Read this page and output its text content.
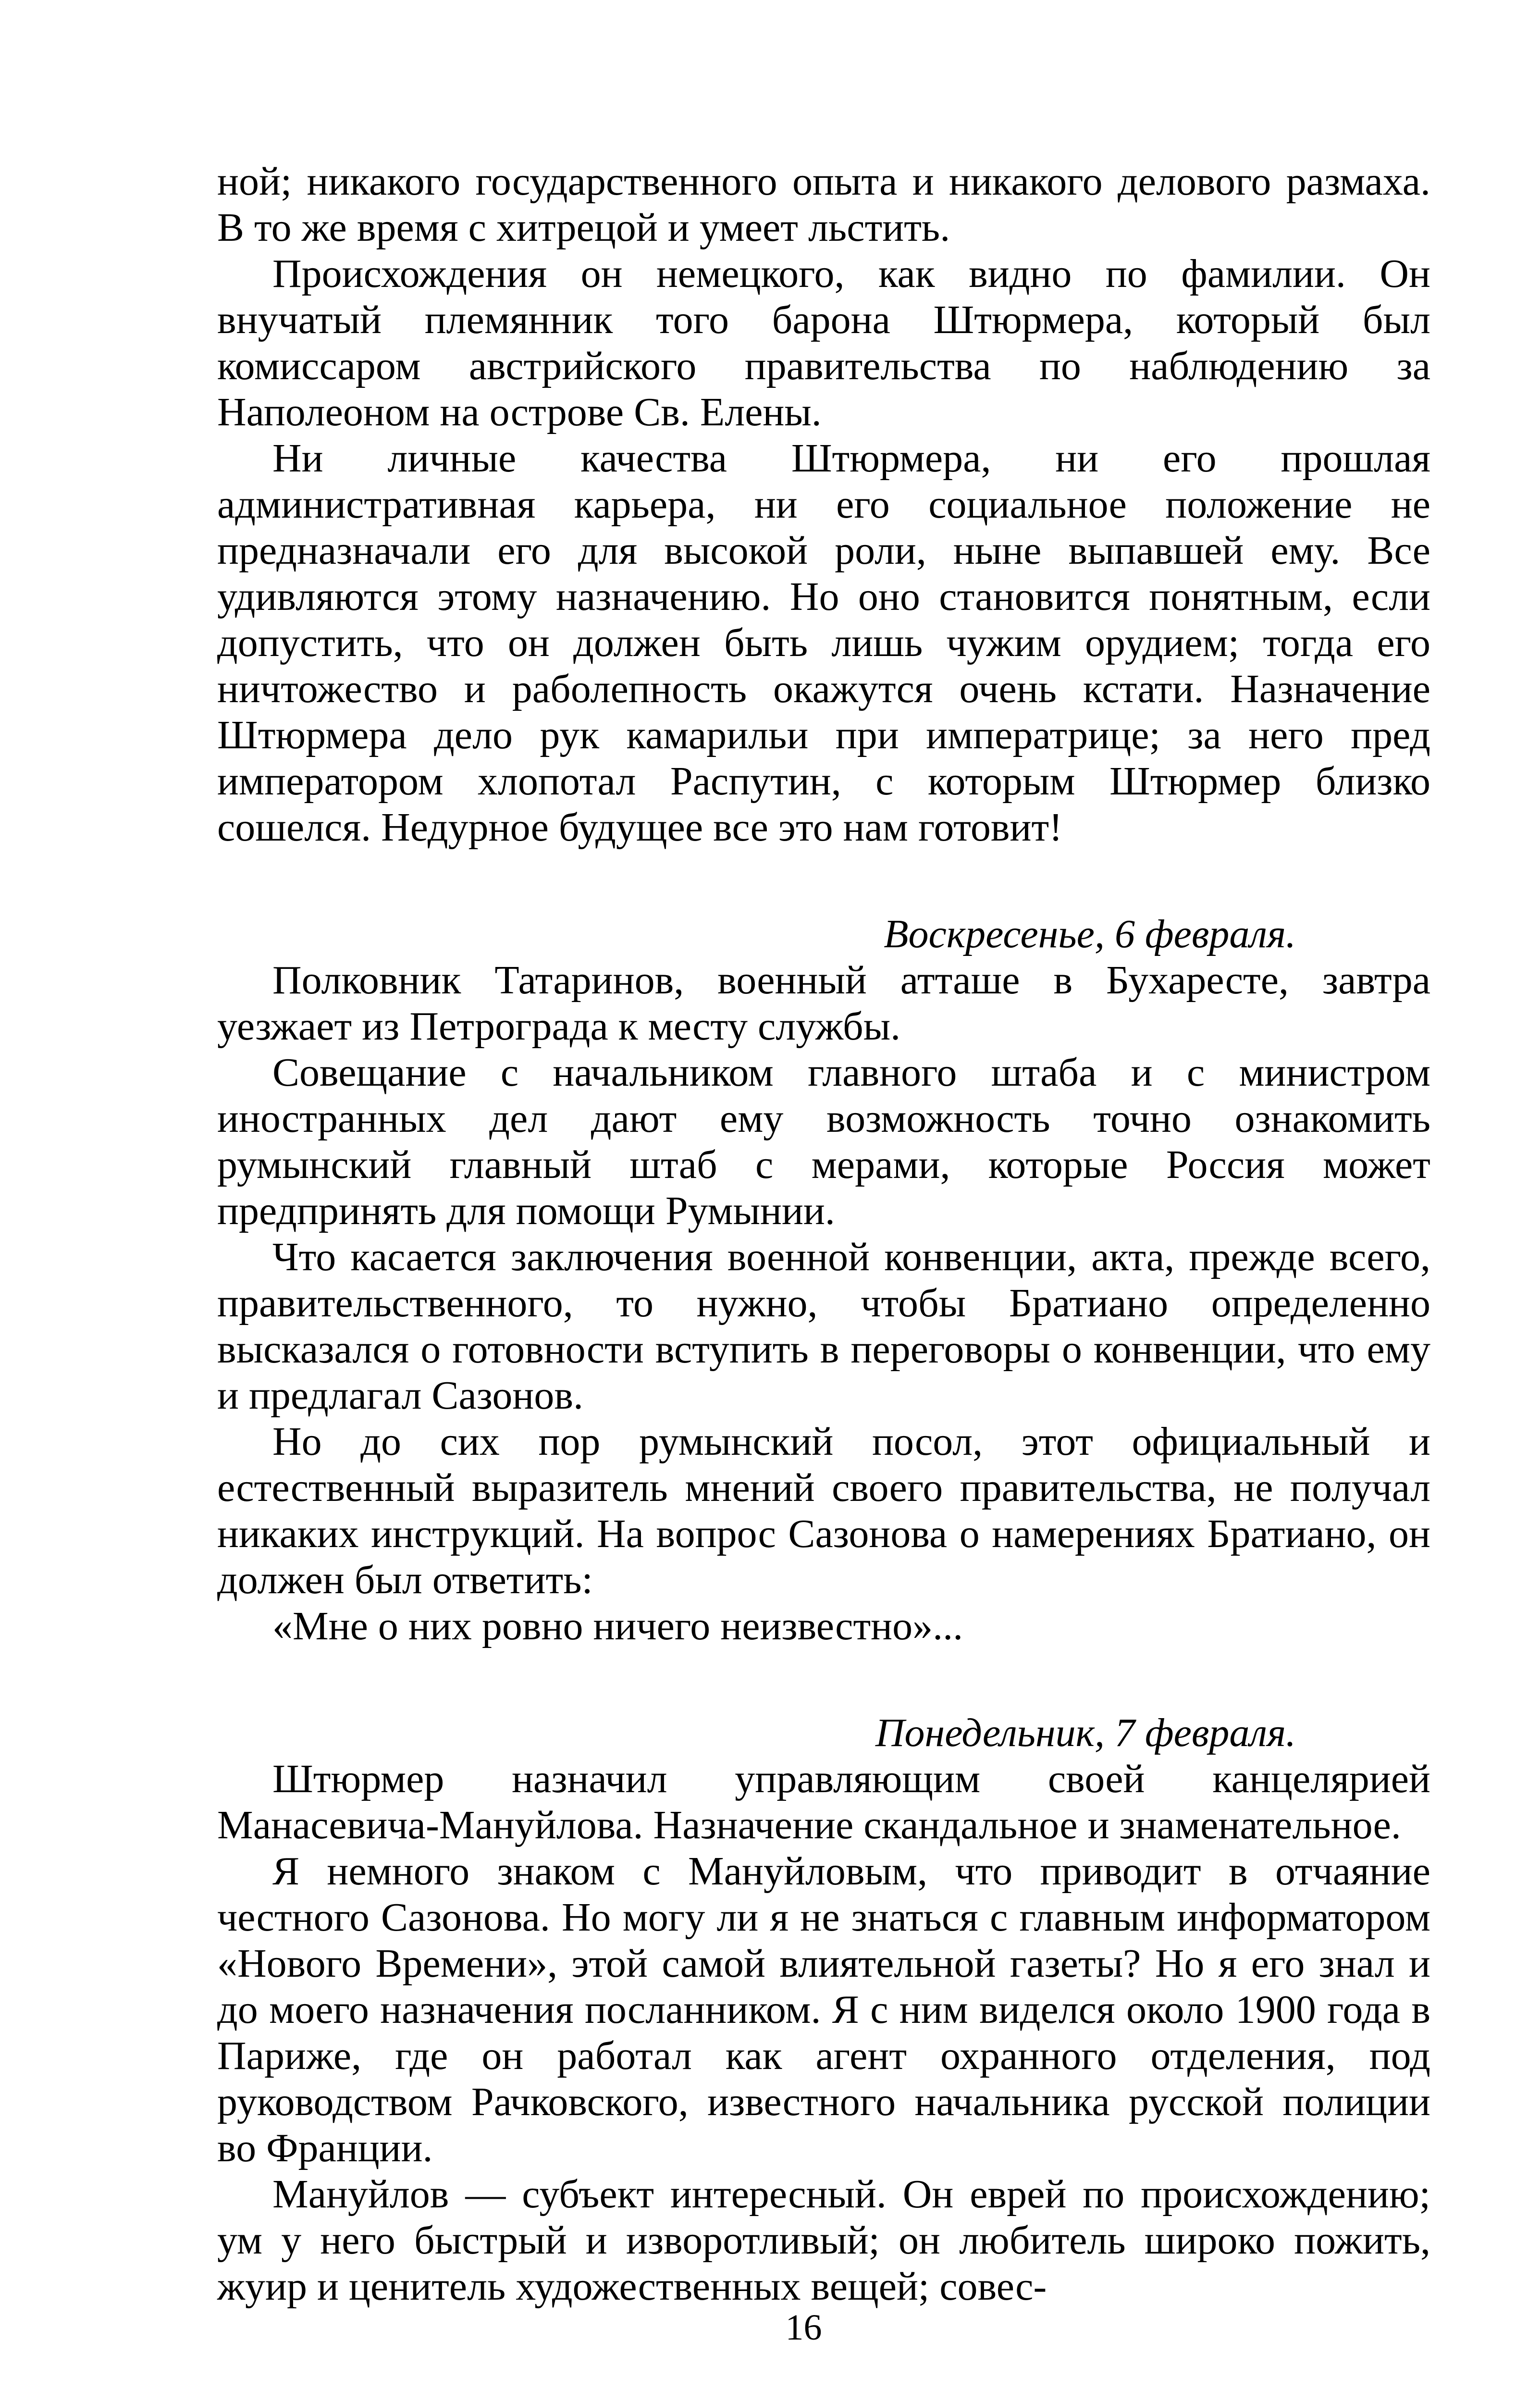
ной; никакого государственного опыта и никакого делового размаха. В то же время с хитрецой и умеет льстить.

Происхождения он немецкого, как видно по фамилии. Он внучатый племянник того барона Штюрмера, который был комиссаром австрийского правительства по наблюдению за Наполеоном на острове Св. Елены.

Ни личные качества Штюрмера, ни его прошлая административная карьера, ни его социальное положение не предназначали его для высокой роли, ныне выпавшей ему. Все удивляются этому назначению. Но оно становится понятным, если допустить, что он должен быть лишь чужим орудием; тогда его ничтожество и раболепность окажутся очень кстати. Назначение Штюрмера дело рук камарильи при императрице; за него пред императором хлопотал Распутин, с которым Штюрмер близко сошелся. Недурное будущее все это нам готовит!

Воскресенье, 6 февраля.

Полковник Татаринов, военный атташе в Бухаресте, завтра уезжает из Петрограда к месту службы.

Совещание с начальником главного штаба и с министром иностранных дел дают ему возможность точно ознакомить румынский главный штаб с мерами, которые Россия может предпринять для помощи Румынии.

Что касается заключения военной конвенции, акта, прежде всего, правительственного, то нужно, чтобы Братиано определенно высказался о готовности вступить в переговоры о конвенции, что ему и предлагал Сазонов.

Но до сих пор румынский посол, этот официальный и естественный выразитель мнений своего правительства, не получал никаких инструкций. На вопрос Сазонова о намерениях Братиано, он должен был ответить:

«Мне о них ровно ничего неизвестно»...

Понедельник, 7 февраля.

Штюрмер назначил управляющим своей канцелярией Манасевича-Мануйлова. Назначение скандальное и знаменательное.

Я немного знаком с Мануйловым, что приводит в отчаяние честного Сазонова. Но могу ли я не знаться с главным информатором «Нового Времени», этой самой влиятельной газеты? Но я его знал и до моего назначения посланником. Я с ним виделся около 1900 года в Париже, где он работал как агент охранного отделения, под руководством Рачковского, известного начальника русской полиции во Франции.

Мануйлов — субъект интересный. Он еврей по происхождению; ум у него быстрый и изворотливый; он любитель широко пожить, жуир и ценитель художественных вещей; совес-

16
